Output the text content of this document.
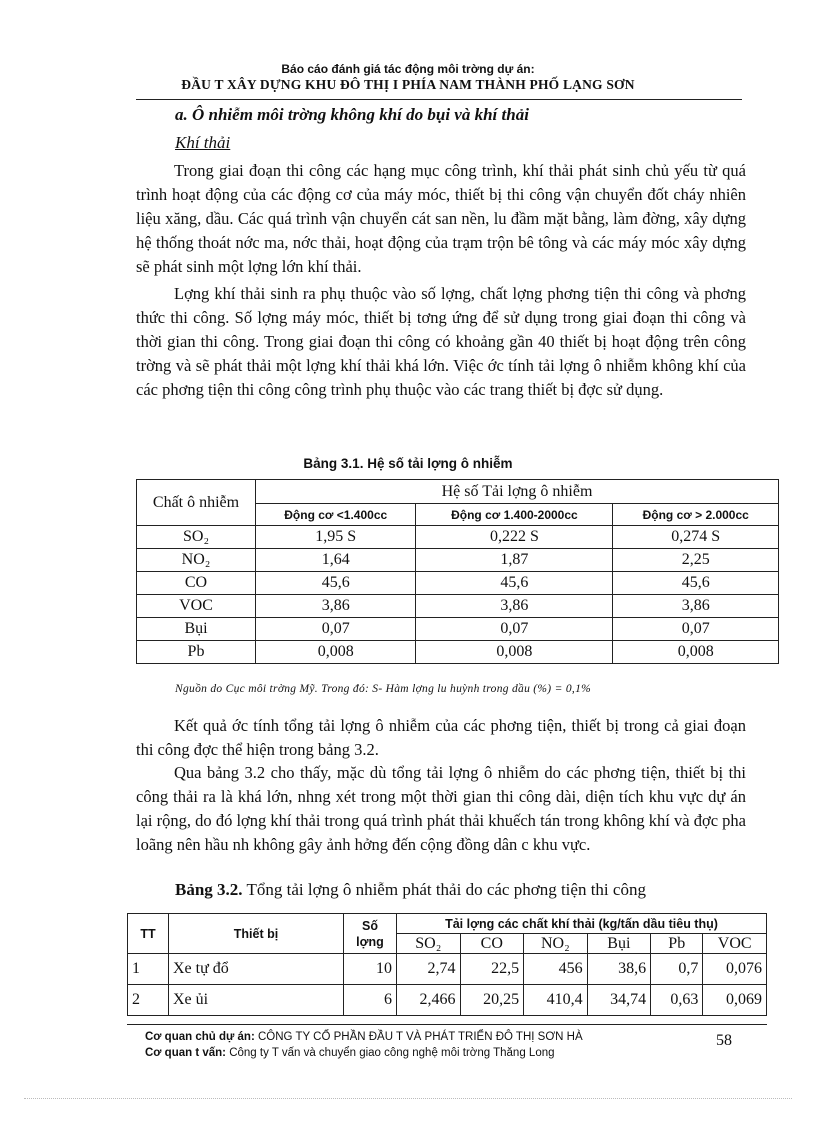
Báo cáo đánh giá tác động môi trờng dự án:
ĐẦU T XÂY DỰNG KHU ĐÔ THỊ I PHÍA NAM THÀNH PHỐ LẠNG SƠN
a. Ô nhiễm môi trờng không khí do bụi và khí thải
Khí thải

Trong giai đoạn thi công các hạng mục công trình, khí thải phát sinh chủ yếu từ quá trình hoạt động của các động cơ của máy móc, thiết bị thi công vận chuyển đốt cháy nhiên liệu xăng, dầu. Các quá trình vận chuyển cát san nền, lu đầm mặt bằng, làm đờng, xây dựng hệ thống thoát nớc ma, nớc thải, hoạt động của trạm trộn bê tông và các máy móc xây dựng sẽ phát sinh một lợng lớn khí thải.

Lợng khí thải sinh ra phụ thuộc vào số lợng, chất lợng phơng tiện thi công và phơng thức thi công. Số lợng máy móc, thiết bị tơng ứng để sử dụng trong giai đoạn thi công và thời gian thi công. Trong giai đoạn thi công có khoảng gần 40 thiết bị hoạt động trên công trờng và sẽ phát thải một lợng khí thải khá lớn. Việc ớc tính tải lợng ô nhiễm không khí của các phơng tiện thi công công trình phụ thuộc vào các trang thiết bị đợc sử dụng.

Bảng 3.1. Hệ số tải lợng ô nhiễm
Chất ô nhiễm	Hệ số Tải lợng ô nhiễm		
	Động cơ <1.400cc	Động cơ 1.400-2000cc	Động cơ > 2.000cc
SO₂	1,95 S	0,222 S	0,274 S
NO₂	1,64	1,87	2,25
CO	45,6	45,6	45,6
VOC	3,86	3,86	3,86
Bụi	0,07	0,07	0,07
Pb	0,008	0,008	0,008
Nguồn do Cục môi trờng Mỹ. Trong đó: S- Hàm lợng lu huỳnh trong dầu (%) = 0,1%

Kết quả ớc tính tổng tải lợng ô nhiễm của các phơng tiện, thiết bị trong cả giai đoạn thi công đợc thể hiện trong bảng 3.2.

Qua bảng 3.2 cho thấy, mặc dù tổng tải lợng ô nhiễm do các phơng tiện, thiết bị thi công thải ra là khá lớn, nhng xét trong một thời gian thi công dài, diện tích khu vực dự án lại rộng, do đó lợng khí thải trong quá trình phát thải khuếch tán trong không khí và đợc pha loãng nên hầu nh không gây ảnh hởng đến cộng đồng dân c khu vực.

Bảng 3.2. Tổng tải lợng ô nhiễm phát thải do các phơng tiện thi công
TT	Thiết bị	Số lợng	Tải lợng các chất khí thải (kg/tấn dầu tiêu thụ)					
			SO₂	CO	NO₂	Bụi	Pb	VOC
1	Xe tự đổ	10	2,74	22,5	456	38,6	0,7	0,076
2	Xe ủi	6	2,466	20,25	410,4	34,74	0,63	0,069
Cơ quan chủ dự án: CÔNG TY CỔ PHẦN ĐẦU T VÀ PHÁT TRIỂN ĐÔ THỊ SƠN HÀ
Cơ quan t vấn: Công ty T vấn và chuyển giao công nghệ môi trờng Thăng Long
58
